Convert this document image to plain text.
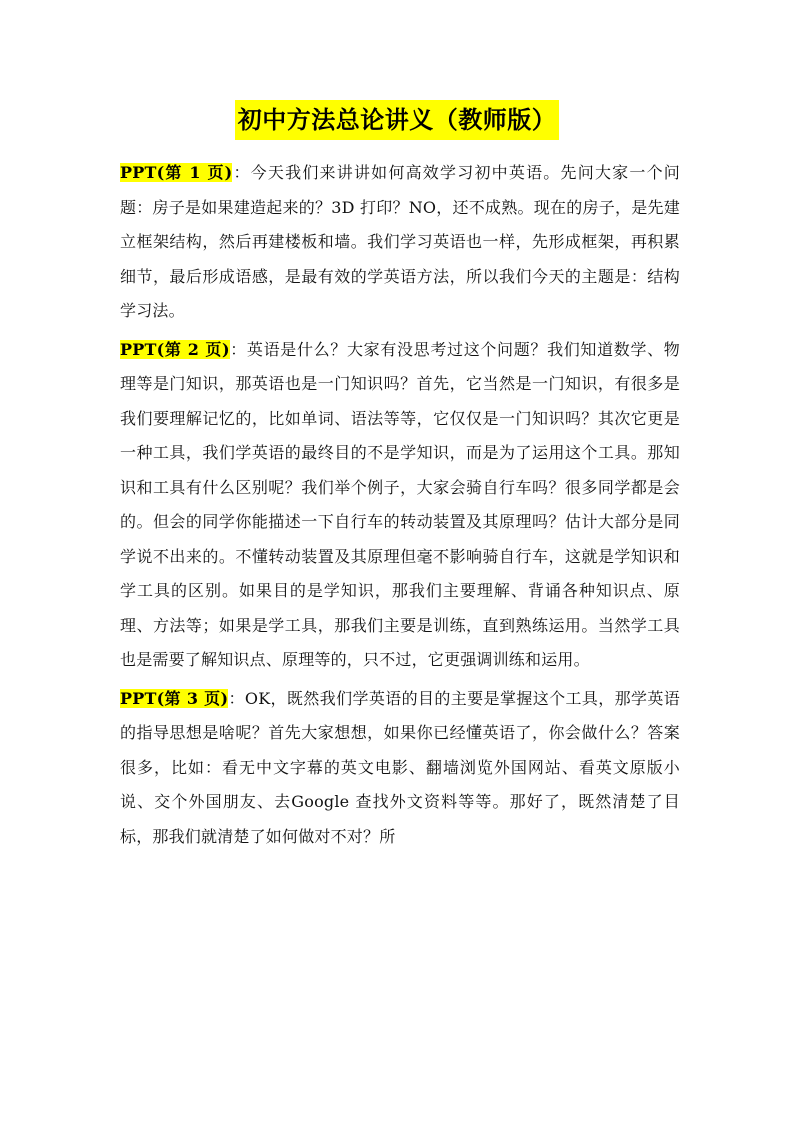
初中方法总论讲义（教师版）

PPT(第 1 页)：今天我们来讲讲如何高效学习初中英语。先问大家一个问题：房子是如果建造起来的？3D 打印？NO，还不成熟。现在的房子，是先建立框架结构，然后再建楼板和墙。我们学习英语也一样，先形成框架，再积累细节，最后形成语感，是最有效的学英语方法，所以我们今天的主题是：结构学习法。

PPT(第 2 页)：英语是什么？大家有没思考过这个问题？我们知道数学、物理等是门知识，那英语也是一门知识吗？首先，它当然是一门知识，有很多是我们要理解记忆的，比如单词、语法等等，它仅仅是一门知识吗？其次它更是一种工具，我们学英语的最终目的不是学知识，而是为了运用这个工具。那知识和工具有什么区别呢？我们举个例子，大家会骑自行车吗？很多同学都是会的。但会的同学你能描述一下自行车的转动装置及其原理吗？估计大部分是同学说不出来的。不懂转动装置及其原理但毫不影响骑自行车，这就是学知识和学工具的区别。如果目的是学知识，那我们主要理解、背诵各种知识点、原理、方法等；如果是学工具，那我们主要是训练，直到熟练运用。当然学工具也是需要了解知识点、原理等的，只不过，它更强调训练和运用。

PPT(第 3 页)：OK，既然我们学英语的目的主要是掌握这个工具，那学英语的指导思想是啥呢？首先大家想想，如果你已经懂英语了，你会做什么？答案很多，比如：看无中文字幕的英文电影、翻墙浏览外国网站、看英文原版小说、交个外国朋友、去Google 查找外文资料等等。那好了，既然清楚了目标，那我们就清楚了如何做对不对？所
